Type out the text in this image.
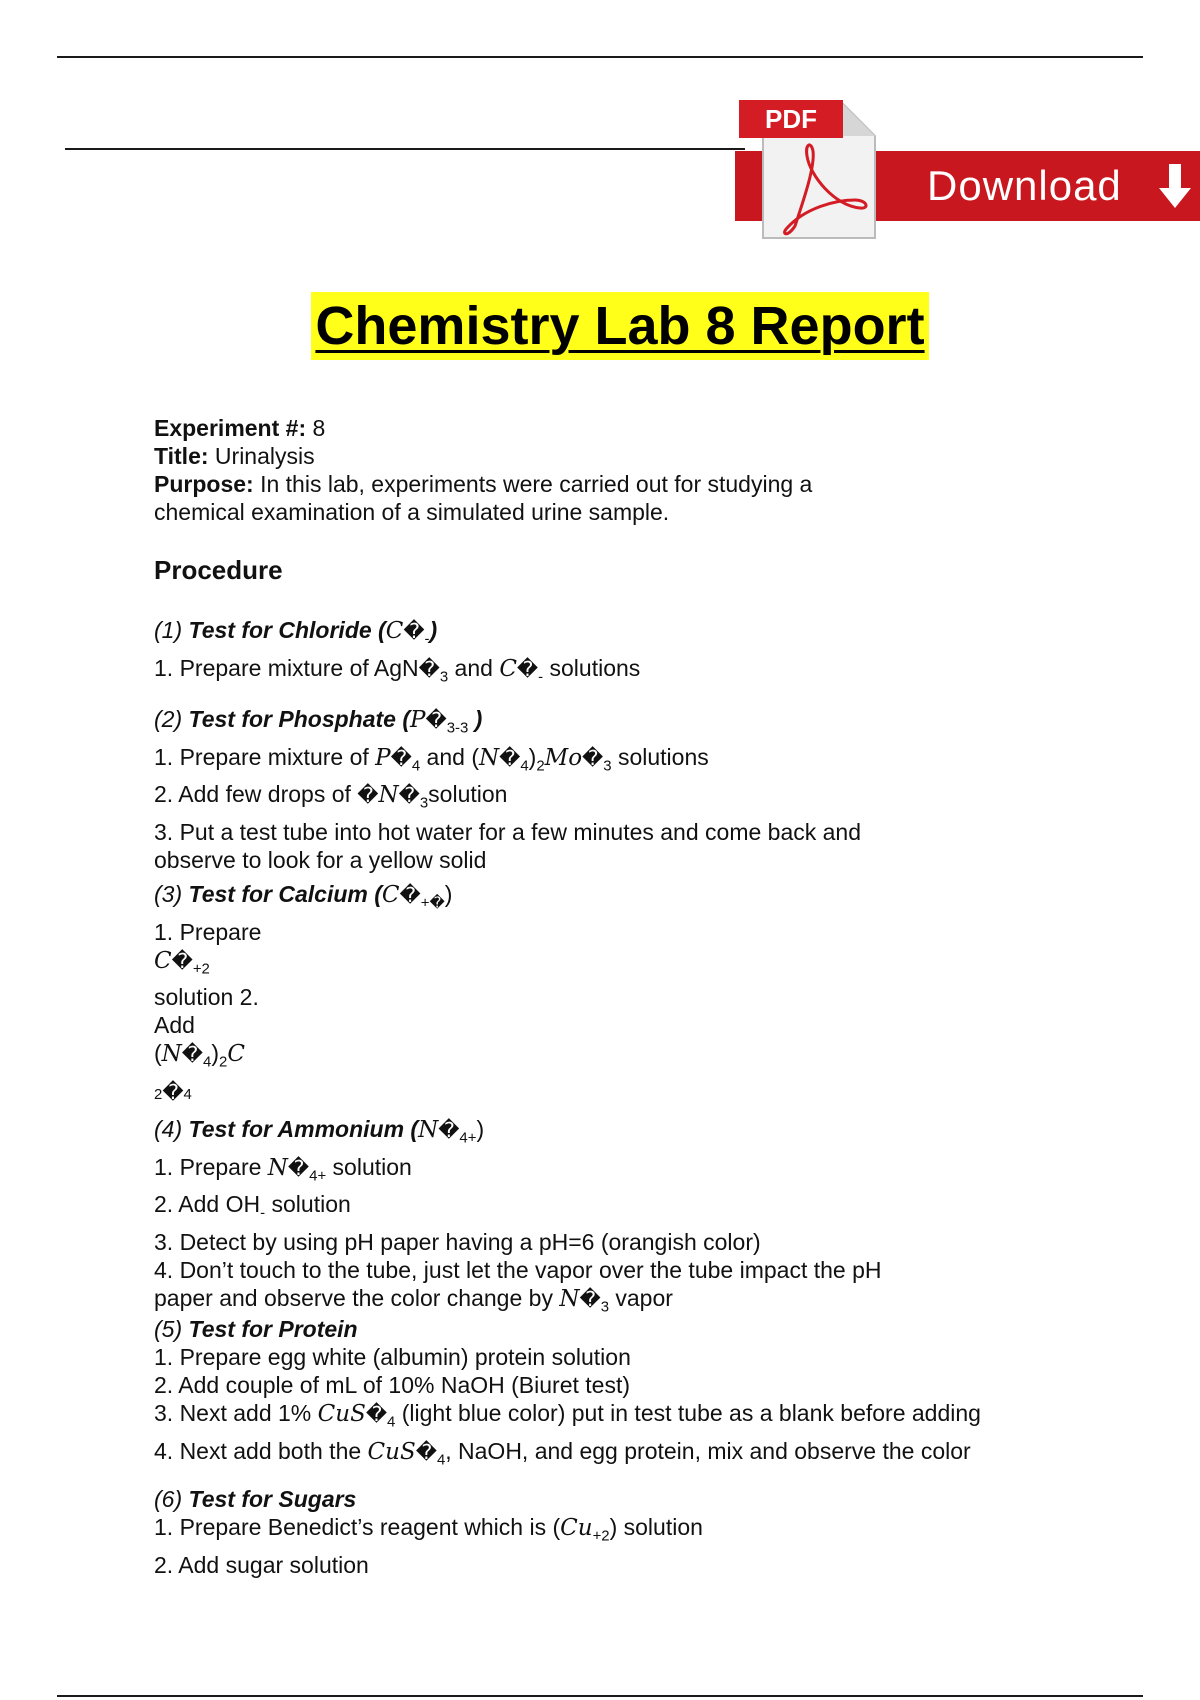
Download
PDF
Chemistry Lab 8 Report
Experiment #: 8
Title: Urinalysis
Purpose: In this lab, experiments were carried out for studying a
chemical examination of a simulated urine sample.
Procedure
(1) Test for Chloride $(C�_-)$
1. Prepare mixture of $AgN�_3$ and $C�_-$ solutions
(2) Test for Phosphate ($P�_{3-3}$ )
1. Prepare mixture of $P�_4$ and $(N�_4)_2Mo�_3$ solutions
2. Add few drops of $�N�_3solution$
3. Put a test tube into hot water for a few minutes and come back and
observe to look for a yellow solid
(3) Test for Calcium $(C�_{+�})$
1. Prepare
$C�_{+2}$
solution 2.
Add
$(N�_4)_2C$
2�4
(4) Test for Ammonium $(N�_{4+})$
1. Prepare $N�_{4+}$ solution
2. Add $OH_-$ solution
3. Detect by using pH paper having a pH=6 (orangish color)
4. Don’t touch to the tube, just let the vapor over the tube impact the pH
paper and observe the color change by $N�_3$ vapor
(5) Test for Protein
1. Prepare egg white (albumin) protein solution
2. Add couple of mL of 10% NaOH (Biuret test)
3. Next add 1% $CuS�_4$ (light blue color) put in test tube as a blank before adding
4. Next add both the $CuS�_4$, NaOH, and egg protein, mix and observe the color
(6) Test for Sugars
1. Prepare Benedict’s reagent which is $(Cu_{+2})$ solution
2. Add sugar solution
